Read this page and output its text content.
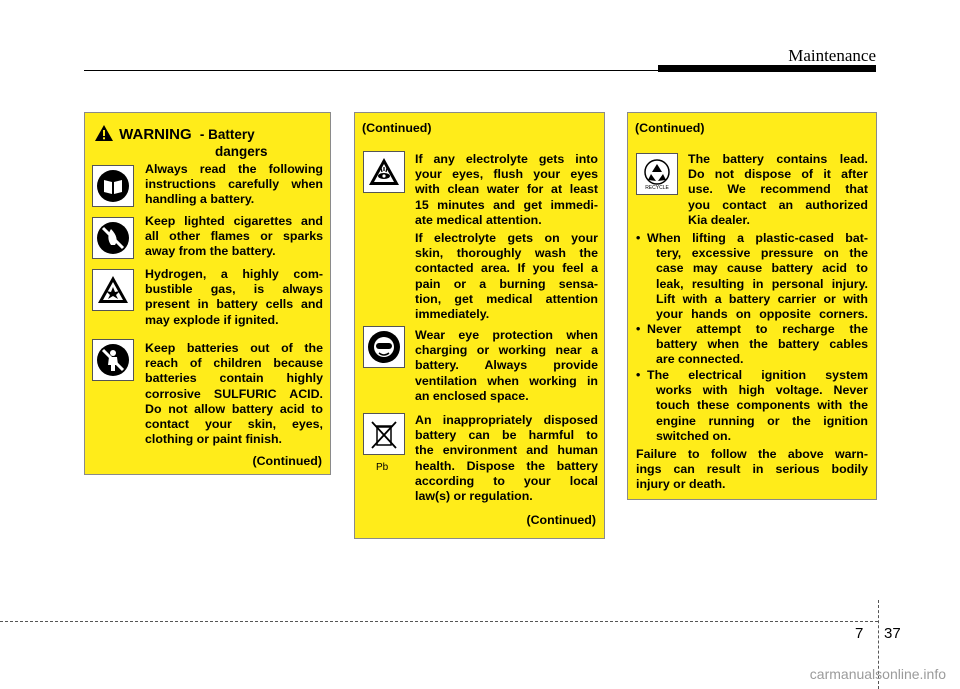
Maintenance
WARNING - Battery
dangers
Always read the following
instructions carefully when
handling a battery.
Keep lighted cigarettes and
all other flames or sparks
away from the battery.
Hydrogen, a highly com-
bustible gas, is always
present in battery cells and
may explode if ignited.
Keep batteries out of the
reach of children because
batteries contain highly
corrosive SULFURIC ACID.
Do not allow battery acid to
contact your skin, eyes,
clothing or paint finish.
(Continued)
(Continued)
If any electrolyte gets into
your eyes, flush your eyes
with clean water for at least
15 minutes and get immedi-
ate medical attention.
If electrolyte gets on your
skin, thoroughly wash the
contacted area. If you feel a
pain or a burning sensa-
tion, get medical attention
immediately.
Wear eye protection when
charging or working near a
battery. Always provide
ventilation when working in
an enclosed space.
Pb
An inappropriately disposed
battery can be harmful to
the environment and human
health. Dispose the battery
according to your local
law(s) or regulation.
(Continued)
(Continued)
RECYCLE
The battery contains lead.
Do not dispose of it after
use. We recommend that
you contact an authorized
Kia dealer.
• When lifting a plastic-cased bat-
tery, excessive pressure on the
case may cause battery acid to
leak, resulting in personal injury.
Lift with a battery carrier or with
your hands on opposite corners.
• Never attempt to recharge the
battery when the battery cables
are connected.
• The electrical ignition system
works with high voltage. Never
touch these components with the
engine running or the ignition
switched on.
Failure to follow the above warn-
ings can result in serious bodily
injury or death.
7 37
carmanualsonline.info
